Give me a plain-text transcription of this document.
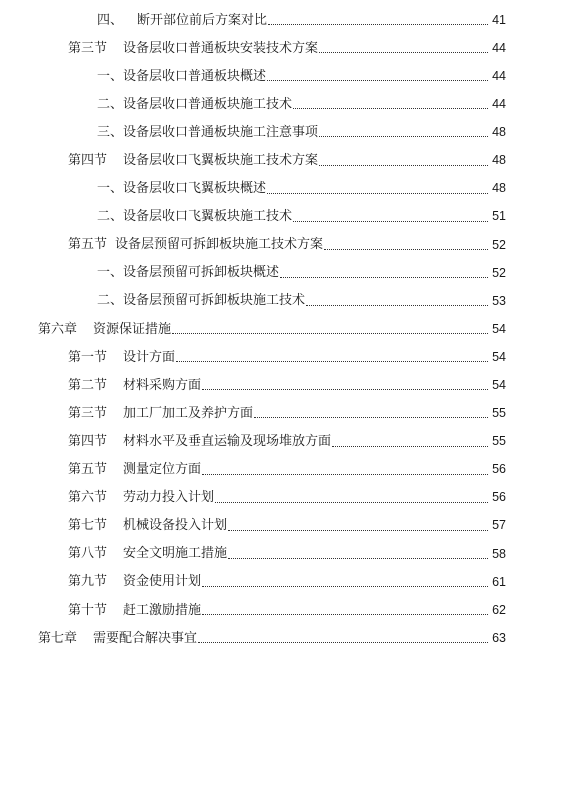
四、 断开部位前后方案对比	41
第三节 设备层收口普通板块安装技术方案	44
一、 设备层收口普通板块概述	44
二、 设备层收口普通板块施工技术	44
三、 设备层收口普通板块施工注意事项	48
第四节 设备层收口飞翼板块施工技术方案	48
一、 设备层收口飞翼板块概述	48
二、 设备层收口飞翼板块施工技术	51
第五节 设备层预留可拆卸板块施工技术方案	52
一、 设备层预留可拆卸板块概述	52
二、 设备层预留可拆卸板块施工技术	53
第六章 资源保证措施	54
第一节 设计方面	54
第二节 材料采购方面	54
第三节 加工厂加工及养护方面	55
第四节 材料水平及垂直运输及现场堆放方面	55
第五节 测量定位方面	56
第六节 劳动力投入计划	56
第七节 机械设备投入计划	57
第八节 安全文明施工措施	58
第九节 资金使用计划	61
第十节 赶工激励措施	62
第七章 需要配合解决事宜	63
